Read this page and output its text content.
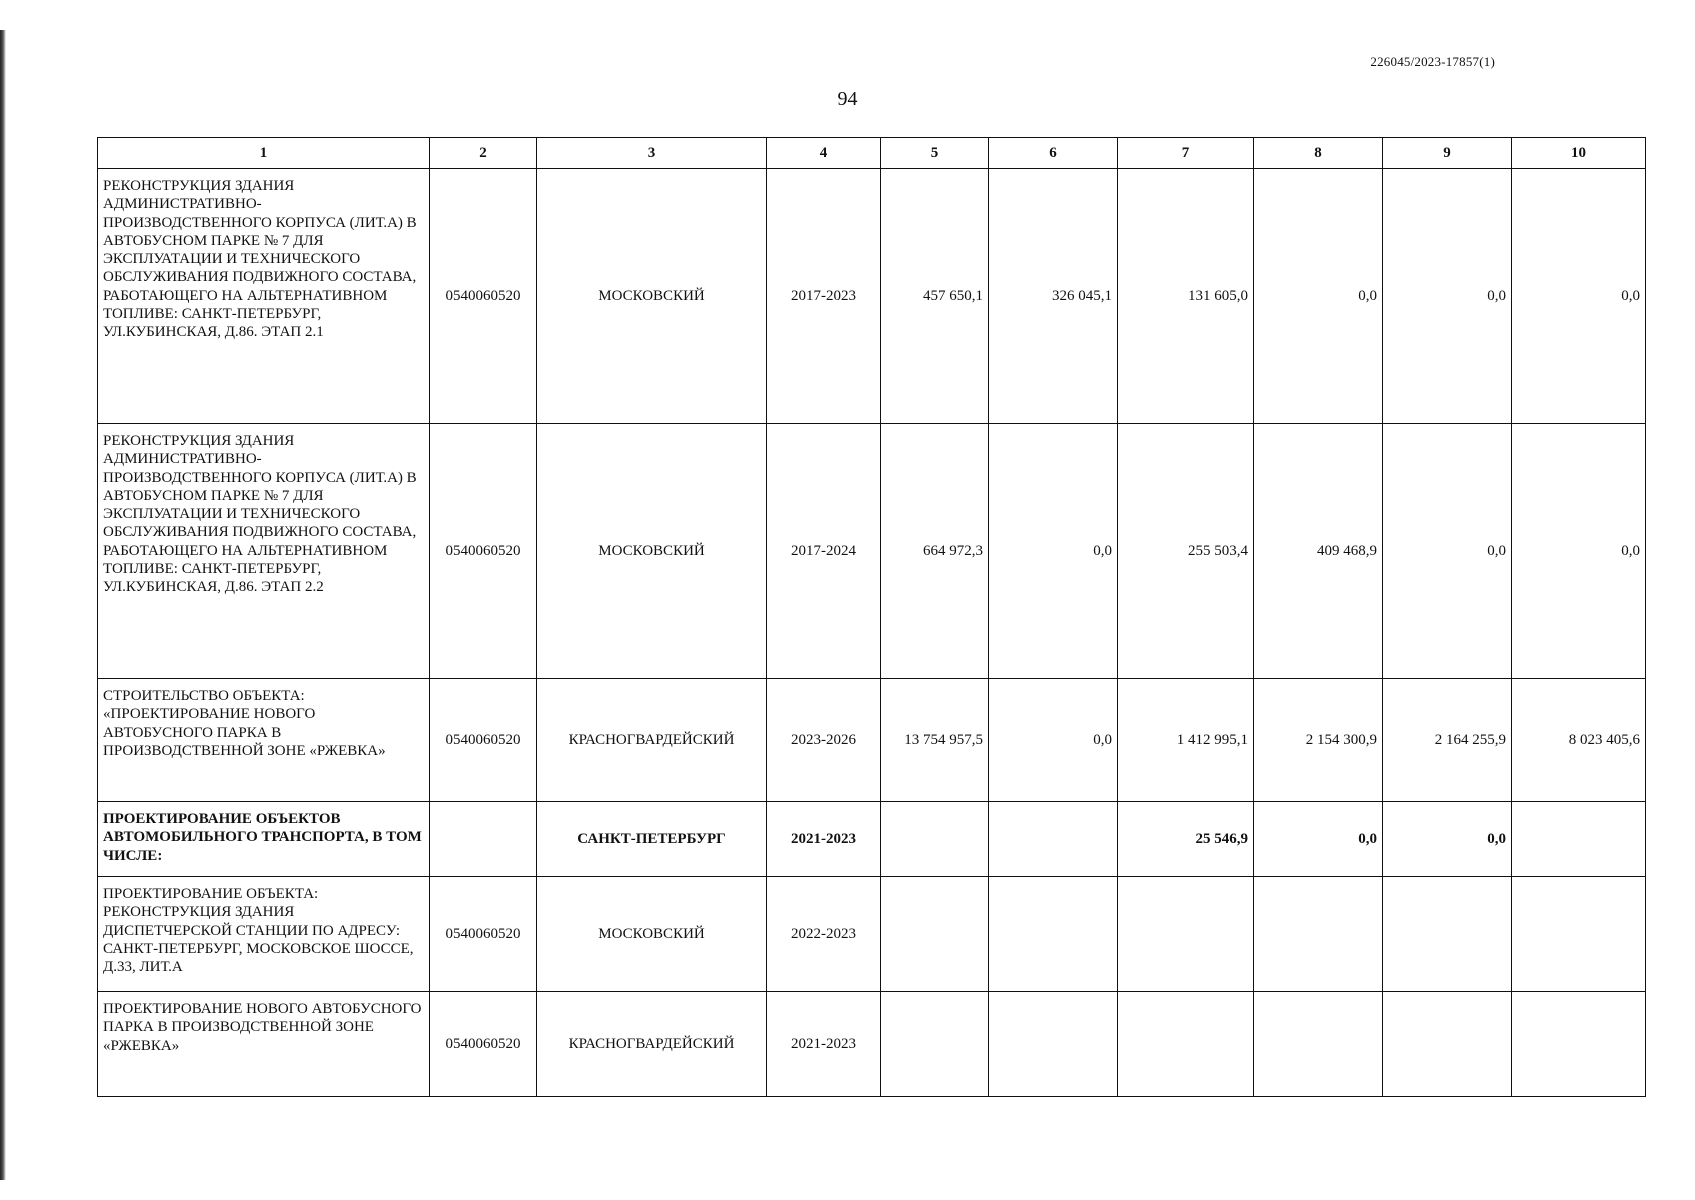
226045/2023-17857(1)
94
1	2	3	4	5	6	7	8	9	10
РЕКОНСТРУКЦИЯ ЗДАНИЯ АДМИНИСТРАТИВНО-ПРОИЗВОДСТВЕННОГО КОРПУСА (ЛИТ.А) В АВТОБУСНОМ ПАРКЕ № 7 ДЛЯ ЭКСПЛУАТАЦИИ И ТЕХНИЧЕСКОГО ОБСЛУЖИВАНИЯ ПОДВИЖНОГО СОСТАВА, РАБОТАЮЩЕГО НА АЛЬТЕРНАТИВНОМ ТОПЛИВЕ: САНКТ-ПЕТЕРБУРГ, УЛ.КУБИНСКАЯ, Д.86. ЭТАП 2.1	0540060520	МОСКОВСКИЙ	2017-2023	457 650,1	326 045,1	131 605,0	0,0	0,0	0,0
РЕКОНСТРУКЦИЯ ЗДАНИЯ АДМИНИСТРАТИВНО-ПРОИЗВОДСТВЕННОГО КОРПУСА (ЛИТ.А) В АВТОБУСНОМ ПАРКЕ № 7 ДЛЯ ЭКСПЛУАТАЦИИ И ТЕХНИЧЕСКОГО ОБСЛУЖИВАНИЯ ПОДВИЖНОГО СОСТАВА, РАБОТАЮЩЕГО НА АЛЬТЕРНАТИВНОМ ТОПЛИВЕ: САНКТ-ПЕТЕРБУРГ, УЛ.КУБИНСКАЯ, Д.86. ЭТАП 2.2	0540060520	МОСКОВСКИЙ	2017-2024	664 972,3	0,0	255 503,4	409 468,9	0,0	0,0
СТРОИТЕЛЬСТВО ОБЪЕКТА: «ПРОЕКТИРОВАНИЕ НОВОГО АВТОБУСНОГО ПАРКА В ПРОИЗВОДСТВЕННОЙ ЗОНЕ «РЖЕВКА»	0540060520	КРАСНОГВАРДЕЙСКИЙ	2023-2026	13 754 957,5	0,0	1 412 995,1	2 154 300,9	2 164 255,9	8 023 405,6
ПРОЕКТИРОВАНИЕ ОБЪЕКТОВ АВТОМОБИЛЬНОГО ТРАНСПОРТА, В ТОМ ЧИСЛЕ:		САНКТ-ПЕТЕРБУРГ	2021-2023			25 546,9	0,0	0,0	
ПРОЕКТИРОВАНИЕ ОБЪЕКТА: РЕКОНСТРУКЦИЯ ЗДАНИЯ ДИСПЕТЧЕРСКОЙ СТАНЦИИ ПО АДРЕСУ: САНКТ-ПЕТЕРБУРГ, МОСКОВСКОЕ ШОССЕ, Д.33, ЛИТ.А	0540060520	МОСКОВСКИЙ	2022-2023						
ПРОЕКТИРОВАНИЕ НОВОГО АВТОБУСНОГО ПАРКА В ПРОИЗВОДСТВЕННОЙ ЗОНЕ «РЖЕВКА»	0540060520	КРАСНОГВАРДЕЙСКИЙ	2021-2023						
